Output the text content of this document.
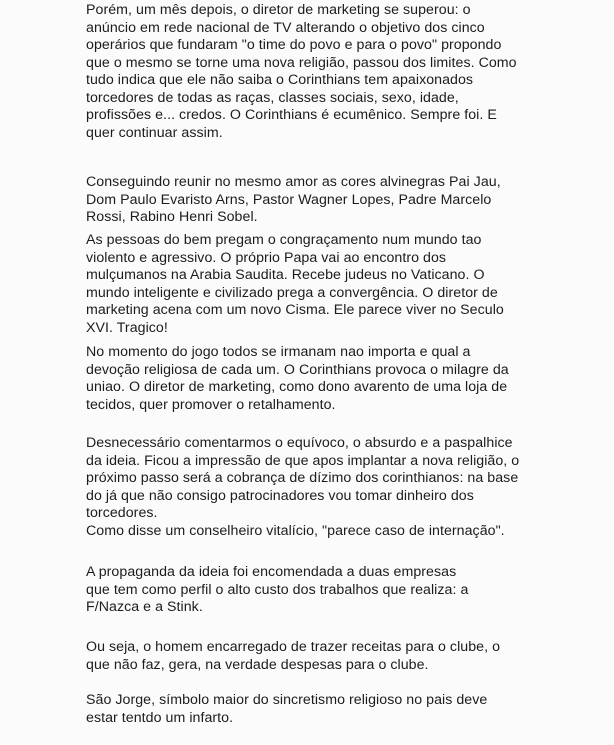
Porém, um mês depois, o diretor de marketing se superou: o
anúncio em rede nacional de TV alterando o objetivo dos cinco
operários que fundaram "o time do povo e para o povo" propondo
que o mesmo se torne uma nova religião, passou dos limites. Como
tudo indica que ele não saiba o Corinthians tem apaixonados
torcedores de todas as raças, classes sociais, sexo, idade,
profissões e... credos. O Corinthians é ecumênico. Sempre foi. E
quer continuar assim.

Conseguindo reunir no mesmo amor as cores alvinegras Pai Jau,
Dom Paulo Evaristo Arns, Pastor Wagner Lopes, Padre Marcelo
Rossi, Rabino Henri Sobel.

As pessoas do bem pregam o congraçamento num mundo tao
violento e agressivo. O próprio Papa vai ao encontro dos
mulçumanos na Arabia Saudita. Recebe judeus no Vaticano. O
mundo inteligente e civilizado prega a convergência. O diretor de
marketing acena com um novo Cisma. Ele parece viver no Seculo
XVI. Tragico!

No momento do jogo todos se irmanam nao importa e qual a
devoção religiosa de cada um. O Corinthians provoca o milagre da
uniao. O diretor de marketing, como dono avarento de uma loja de
tecidos, quer promover o retalhamento.

Desnecessário comentarmos o equívoco, o absurdo e a paspalhice
da ideia. Ficou a impressão de que apos implantar a nova religião, o
próximo passo será a cobrança de dízimo dos corinthianos: na base
do já que não consigo patrocinadores vou tomar dinheiro dos
torcedores.
Como disse um conselheiro vitalício, "parece caso de internação".

A propaganda da ideia foi encomendada a duas empresas
que tem como perfil o alto custo dos trabalhos que realiza: a
F/Nazca e a Stink.

Ou seja, o homem encarregado de trazer receitas para o clube, o
que não faz, gera, na verdade despesas para o clube.

São Jorge, símbolo maior do sincretismo religioso no pais deve
estar tentdo um infarto.
